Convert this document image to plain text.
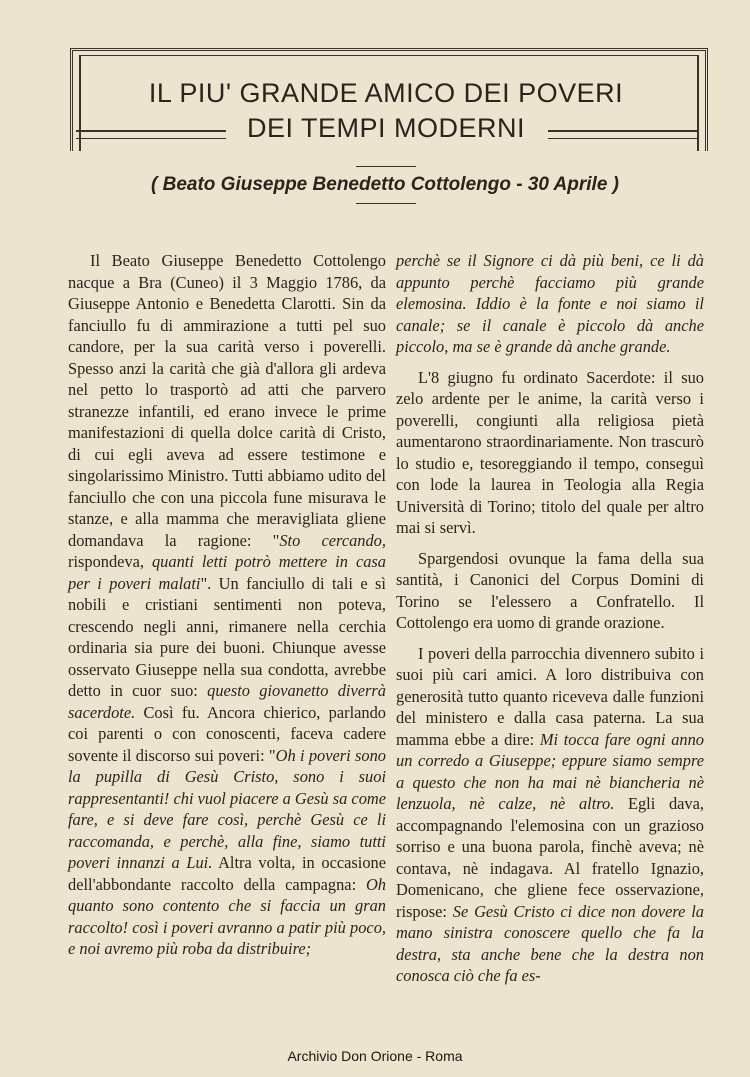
IL PIU' GRANDE AMICO DEI POVERI
DEI TEMPI MODERNI
( Beato Giuseppe Benedetto Cottolengo - 30 Aprile )

Il Beato Giuseppe Benedetto Cottolengo nacque a Bra (Cuneo) il 3 Maggio 1786, da Giuseppe Antonio e Benedetta Clarotti. Sin da fanciullo fu di ammirazione a tutti pel suo candore, per la sua carità verso i poverelli. Spesso anzi la carità che già d'allora gli ardeva nel petto lo trasportò ad atti che parvero stranezze infantili, ed erano invece le prime manifestazioni di quella dolce carità di Cristo, di cui egli aveva ad essere testimone e singolarissimo Ministro. Tutti abbiamo udito del fanciullo che con una piccola fune misurava le stanze, e alla mamma che meravigliata gliene domandava la ragione: "Sto cercando, rispondeva, quanti letti potrò mettere in casa per i poveri malati". Un fanciullo di tali e sì nobili e cristiani sentimenti non poteva, crescendo negli anni, rimanere nella cerchia ordinaria sia pure dei buoni. Chiunque avesse osservato Giuseppe nella sua condotta, avrebbe detto in cuor suo: questo giovanetto diverrà sacerdote. Così fu. Ancora chierico, parlando coi parenti o con conoscenti, faceva cadere sovente il discorso sui poveri: "Oh i poveri sono la pupilla di Gesù Cristo, sono i suoi rappresentanti! chi vuol piacere a Gesù sa come fare, e si deve fare così, perchè Gesù ce li raccomanda, e perchè, alla fine, siamo tutti poveri innanzi a Lui. Altra volta, in occasione dell'abbondante raccolto della campagna: Oh quanto sono contento che si faccia un gran raccolto! così i poveri avranno a patir più poco, e noi avremo più roba da distribuire;

perchè se il Signore ci dà più beni, ce li dà appunto perchè facciamo più grande elemosina. Iddio è la fonte e noi siamo il canale; se il canale è piccolo dà anche piccolo, ma se è grande dà anche grande.

L'8 giugno fu ordinato Sacerdote: il suo zelo ardente per le anime, la carità verso i poverelli, congiunti alla religiosa pietà aumentarono straordinariamente. Non trascurò lo studio e, tesoreggiando il tempo, conseguì con lode la laurea in Teologia alla Regia Università di Torino; titolo del quale per altro mai si servì.

Spargendosi ovunque la fama della sua santità, i Canonici del Corpus Domini di Torino se l'elessero a Confratello. Il Cottolengo era uomo di grande orazione.

I poveri della parrocchia divennero subito i suoi più cari amici. A loro distribuiva con generosità tutto quanto riceveva dalle funzioni del ministero e dalla casa paterna. La sua mamma ebbe a dire: Mi tocca fare ogni anno un corredo a Giuseppe; eppure siamo sempre a questo che non ha mai nè biancheria nè lenzuola, nè calze, nè altro. Egli dava, accompagnando l'elemosina con un grazioso sorriso e una buona parola, finchè aveva; nè contava, nè indagava. Al fratello Ignazio, Domenicano, che gliene fece osservazione, rispose: Se Gesù Cristo ci dice non dovere la mano sinistra conoscere quello che fa la destra, sta anche bene che la destra non conosca ciò che fa es-

Archivio Don Orione - Roma
